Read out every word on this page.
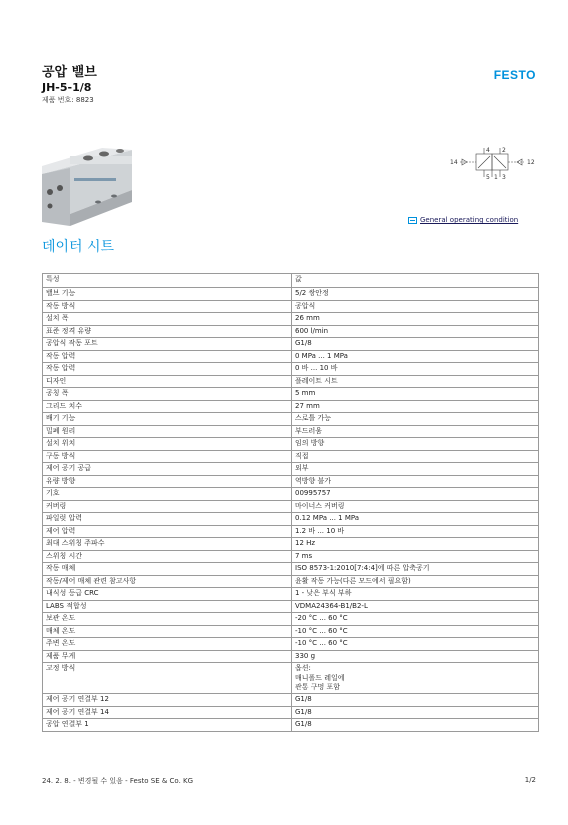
공압 밸브
JH-5-1/8
제품 번호: 8823
FESTO
14
4 2
12
5 1 3
General operating condition
데이터 시트
특성	값
밸브 기능	5/2 쌍안정
작동 방식	공압식
설치 폭	26 mm
표준 정격 유량	600 l/min
공압식 작동 포트	G1/8
작동 압력	0 MPa ... 1 MPa
작동 압력	0 바 ... 10 바
디자인	플레이트 시트
공칭 폭	5 mm
그리드 치수	27 mm
배기 기능	스로틀 가능
밀폐 원리	부드러움
설치 위치	임의 방향
구동 방식	직접
제어 공기 공급	외부
유량 방향	역방향 불가
기호	00995757
커버링	마이너스 커버링
파일럿 압력	0.12 MPa ... 1 MPa
제어 압력	1.2 바 ... 10 바
최대 스위칭 주파수	12 Hz
스위칭 시간	7 ms
작동 매체	ISO 8573-1:2010[7:4:4]에 따른 압축공기
작동/제어 매체 관련 참고사항	윤활 작동 가능(다른 모드에서 필요함)
내식성 등급 CRC	1 - 낮은 부식 부하
LABS 적합성	VDMA24364-B1/B2-L
보관 온도	-20 °C ... 60 °C
매체 온도	-10 °C ... 60 °C
주변 온도	-10 °C ... 60 °C
제품 무게	330 g
고정 방식	옵션:
매니폴드 레일에
관통 구멍 포함

제어 공기 연결부 12	G1/8
제어 공기 연결부 14	G1/8
공압 연결부 1	G1/8
24. 2. 8. - 변경될 수 있음 - Festo SE & Co. KG	1/2
